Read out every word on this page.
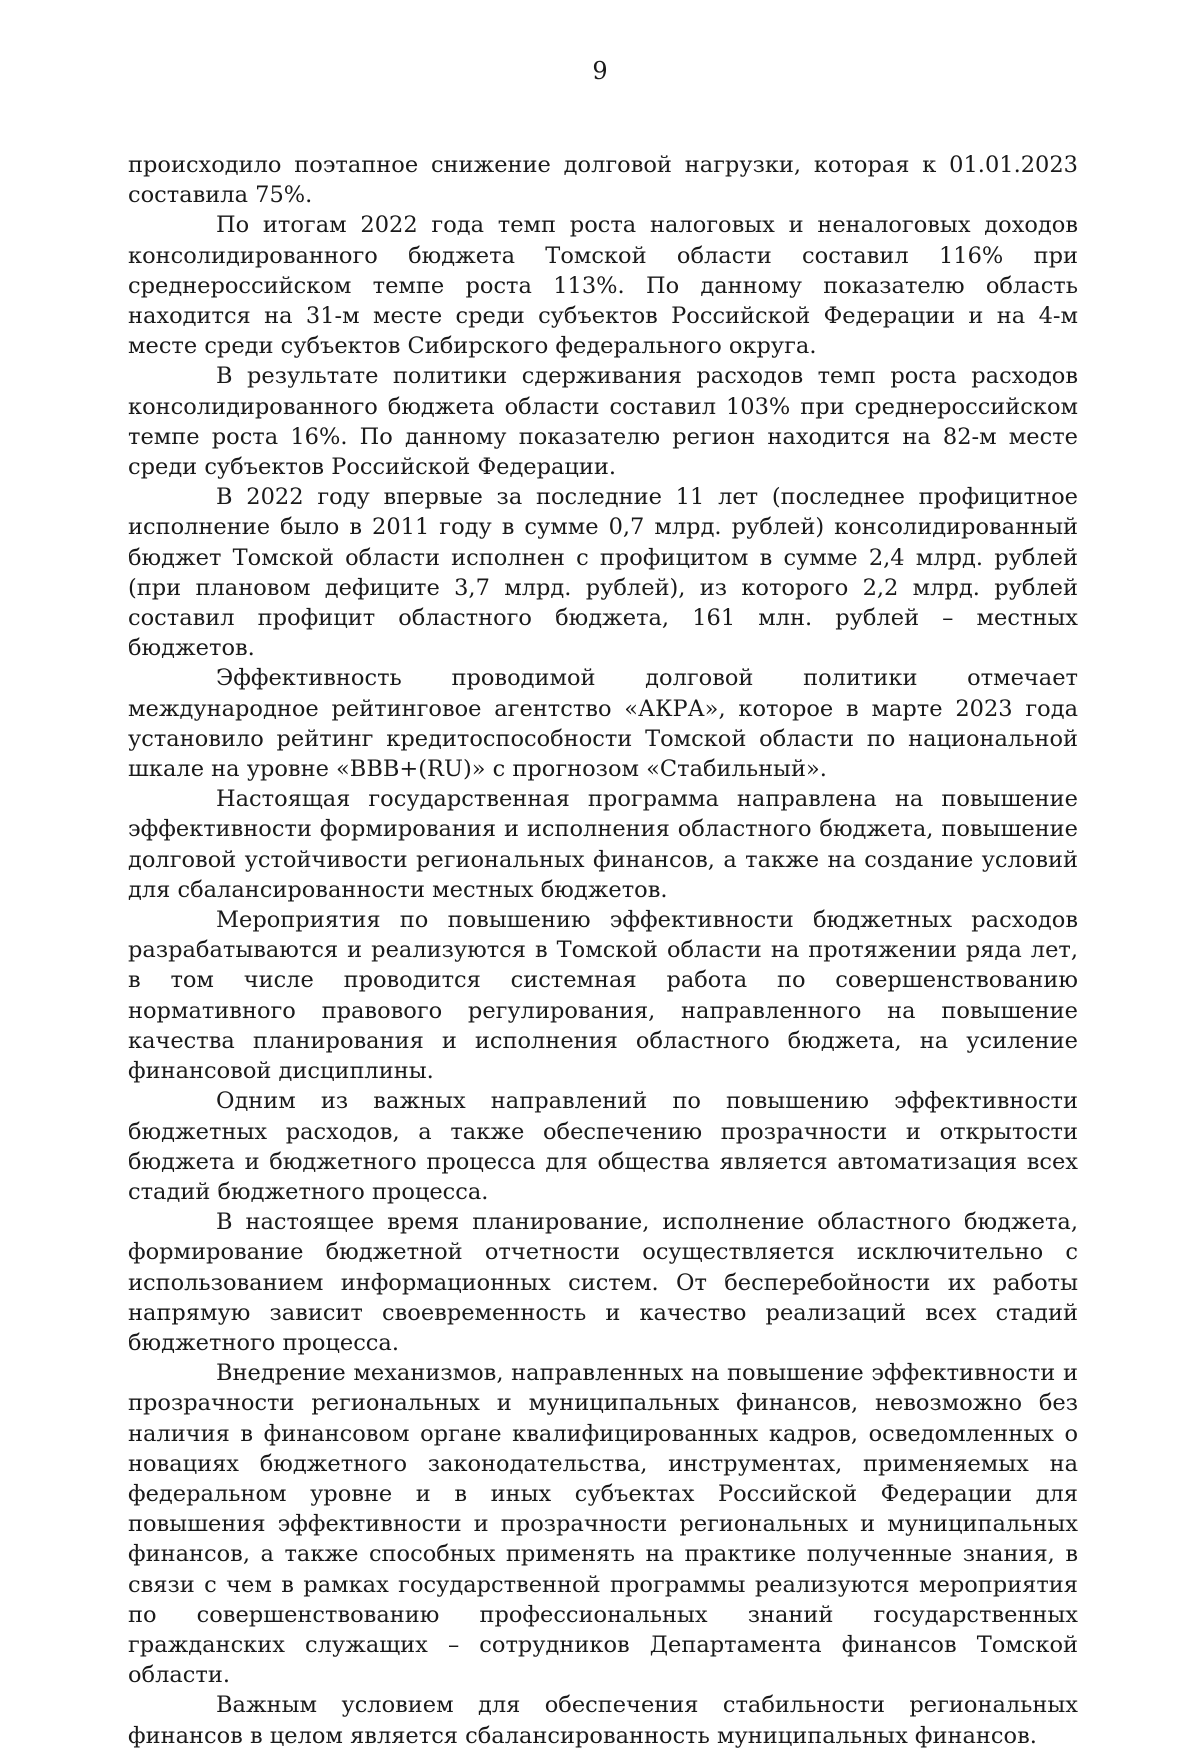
9

происходило поэтапное снижение долговой нагрузки, которая к 01.01.2023 составила 75%.

По итогам 2022 года темп роста налоговых и неналоговых доходов консолидированного бюджета Томской области составил 116% при среднероссийском темпе роста 113%. По данному показателю область находится на 31-м месте среди субъектов Российской Федерации и на 4-м месте среди субъектов Сибирского федерального округа.

В результате политики сдерживания расходов темп роста расходов консолидированного бюджета области составил 103% при среднероссийском темпе роста 16%. По данному показателю регион находится на 82-м месте среди субъектов Российской Федерации.

В 2022 году впервые за последние 11 лет (последнее профицитное исполнение было в 2011 году в сумме 0,7 млрд. рублей) консолидированный бюджет Томской области исполнен с профицитом в сумме 2,4 млрд. рублей (при плановом дефиците 3,7 млрд. рублей), из которого 2,2 млрд. рублей составил профицит областного бюджета, 161 млн. рублей – местных бюджетов.

Эффективность проводимой долговой политики отмечает международное рейтинговое агентство «АКРА», которое в марте 2023 года установило рейтинг кредитоспособности Томской области по национальной шкале на уровне «BBB+(RU)» с прогнозом «Стабильный».

Настоящая государственная программа направлена на повышение эффективности формирования и исполнения областного бюджета, повышение долговой устойчивости региональных финансов, а также на создание условий для сбалансированности местных бюджетов.

Мероприятия по повышению эффективности бюджетных расходов разрабатываются и реализуются в Томской области на протяжении ряда лет, в том числе проводится системная работа по совершенствованию нормативного правового регулирования, направленного на повышение качества планирования и исполнения областного бюджета, на усиление финансовой дисциплины.

Одним из важных направлений по повышению эффективности бюджетных расходов, а также обеспечению прозрачности и открытости бюджета и бюджетного процесса для общества является автоматизация всех стадий бюджетного процесса.

В настоящее время планирование, исполнение областного бюджета, формирование бюджетной отчетности осуществляется исключительно с использованием информационных систем. От бесперебойности их работы напрямую зависит своевременность и качество реализаций всех стадий бюджетного процесса.

Внедрение механизмов, направленных на повышение эффективности и прозрачности региональных и муниципальных финансов, невозможно без наличия в финансовом органе квалифицированных кадров, осведомленных о новациях бюджетного законодательства, инструментах, применяемых на федеральном уровне и в иных субъектах Российской Федерации для повышения эффективности и прозрачности региональных и муниципальных финансов, а также способных применять на практике полученные знания, в связи с чем в рамках государственной программы реализуются мероприятия по совершенствованию профессиональных знаний государственных гражданских служащих – сотрудников Департамента финансов Томской области.

Важным условием для обеспечения стабильности региональных финансов в целом является сбалансированность муниципальных финансов.
